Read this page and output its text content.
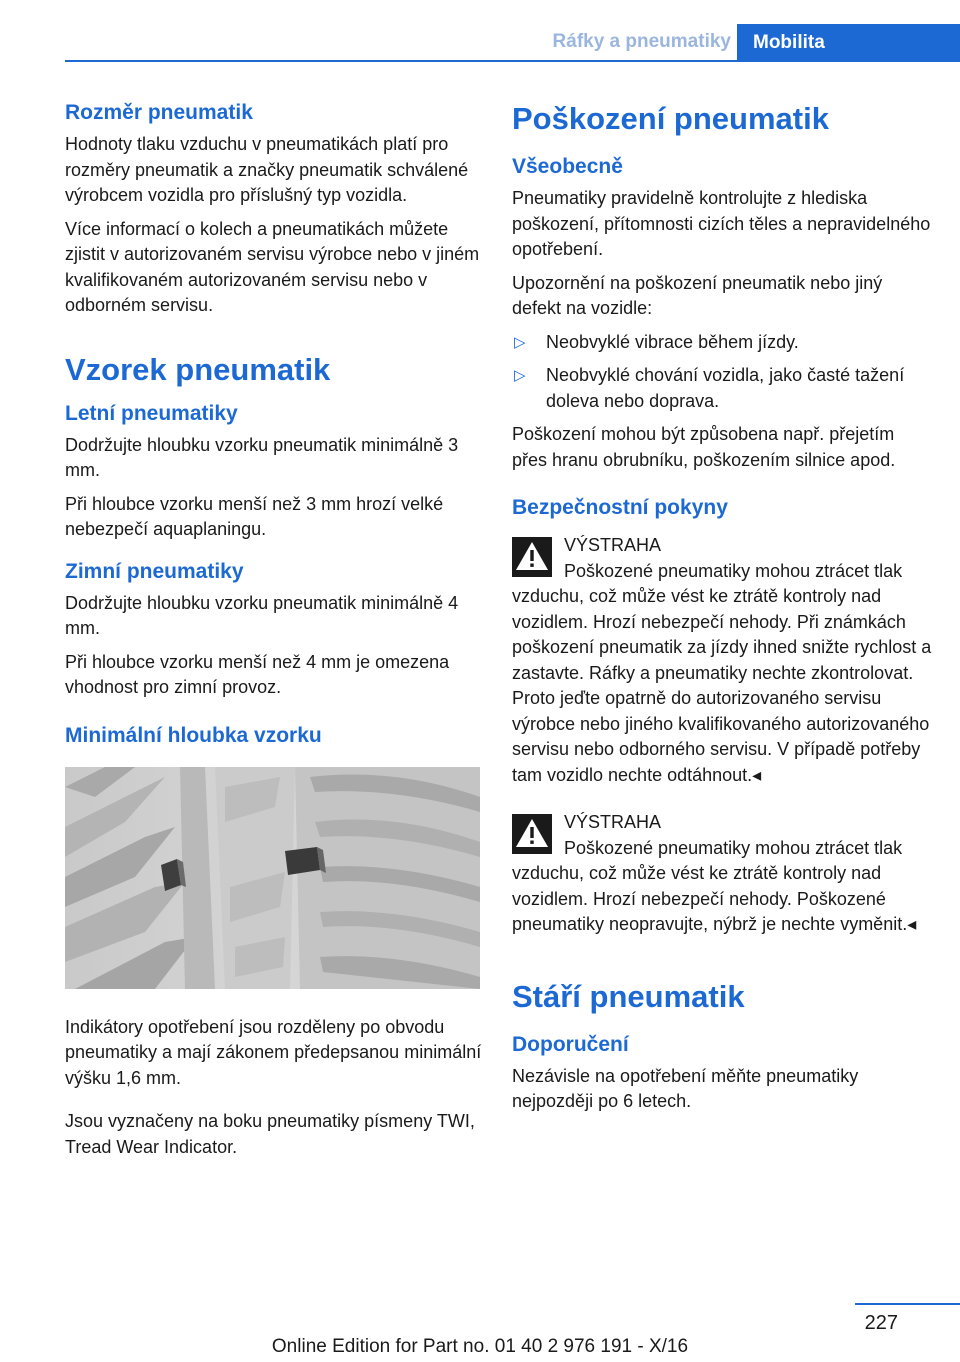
Ráfky a pneumatiky	Mobilita
Rozměr pneumatik
Hodnoty tlaku vzduchu v pneumatikách platí pro rozměry pneumatik a značky pneumatik schválené výrobcem vozidla pro příslušný typ vozidla.
Více informací o kolech a pneumatikách můžete zjistit v autorizovaném servisu výrobce nebo v jiném kvalifikovaném autorizovaném servisu nebo v odborném servisu.
Vzorek pneumatik
Letní pneumatiky
Dodržujte hloubku vzorku pneumatik minimálně 3 mm.
Při hloubce vzorku menší než 3 mm hrozí velké nebezpečí aquaplaningu.
Zimní pneumatiky
Dodržujte hloubku vzorku pneumatik minimálně 4 mm.
Při hloubce vzorku menší než 4 mm je omezena vhodnost pro zimní provoz.
Minimální hloubka vzorku
Indikátory opotřebení jsou rozděleny po obvodu pneumatiky a mají zákonem předepsanou minimální výšku 1,6 mm.
Jsou vyznačeny na boku pneumatiky písmeny TWI, Tread Wear Indicator.
Poškození pneumatik
Všeobecně
Pneumatiky pravidelně kontrolujte z hlediska poškození, přítomnosti cizích těles a nepravidelného opotřebení.
Upozornění na poškození pneumatik nebo jiný defekt na vozidle:
▷ Neobvyklé vibrace během jízdy.
▷ Neobvyklé chování vozidla, jako časté tažení doleva nebo doprava.
Poškození mohou být způsobena např. přejetím přes hranu obrubníku, poškozením silnice apod.
Bezpečnostní pokyny
VÝSTRAHA
Poškozené pneumatiky mohou ztrácet tlak vzduchu, což může vést ke ztrátě kontroly nad vozidlem. Hrozí nebezpečí nehody. Při známkách poškození pneumatik za jízdy ihned snižte rychlost a zastavte. Ráfky a pneumatiky nechte zkontrolovat. Proto jeďte opatrně do autorizovaného servisu výrobce nebo jiného kvalifikovaného autorizovaného servisu nebo odborného servisu. V případě potřeby tam vozidlo nechte odtáhnout.◂
VÝSTRAHA
Poškozené pneumatiky mohou ztrácet tlak vzduchu, což může vést ke ztrátě kontroly nad vozidlem. Hrozí nebezpečí nehody. Poškozené pneumatiky neopravujte, nýbrž je nechte vyměnit.◂
Stáří pneumatik
Doporučení
Nezávisle na opotřebení měňte pneumatiky nejpozději po 6 letech.
227
Online Edition for Part no. 01 40 2 976 191 - X/16
